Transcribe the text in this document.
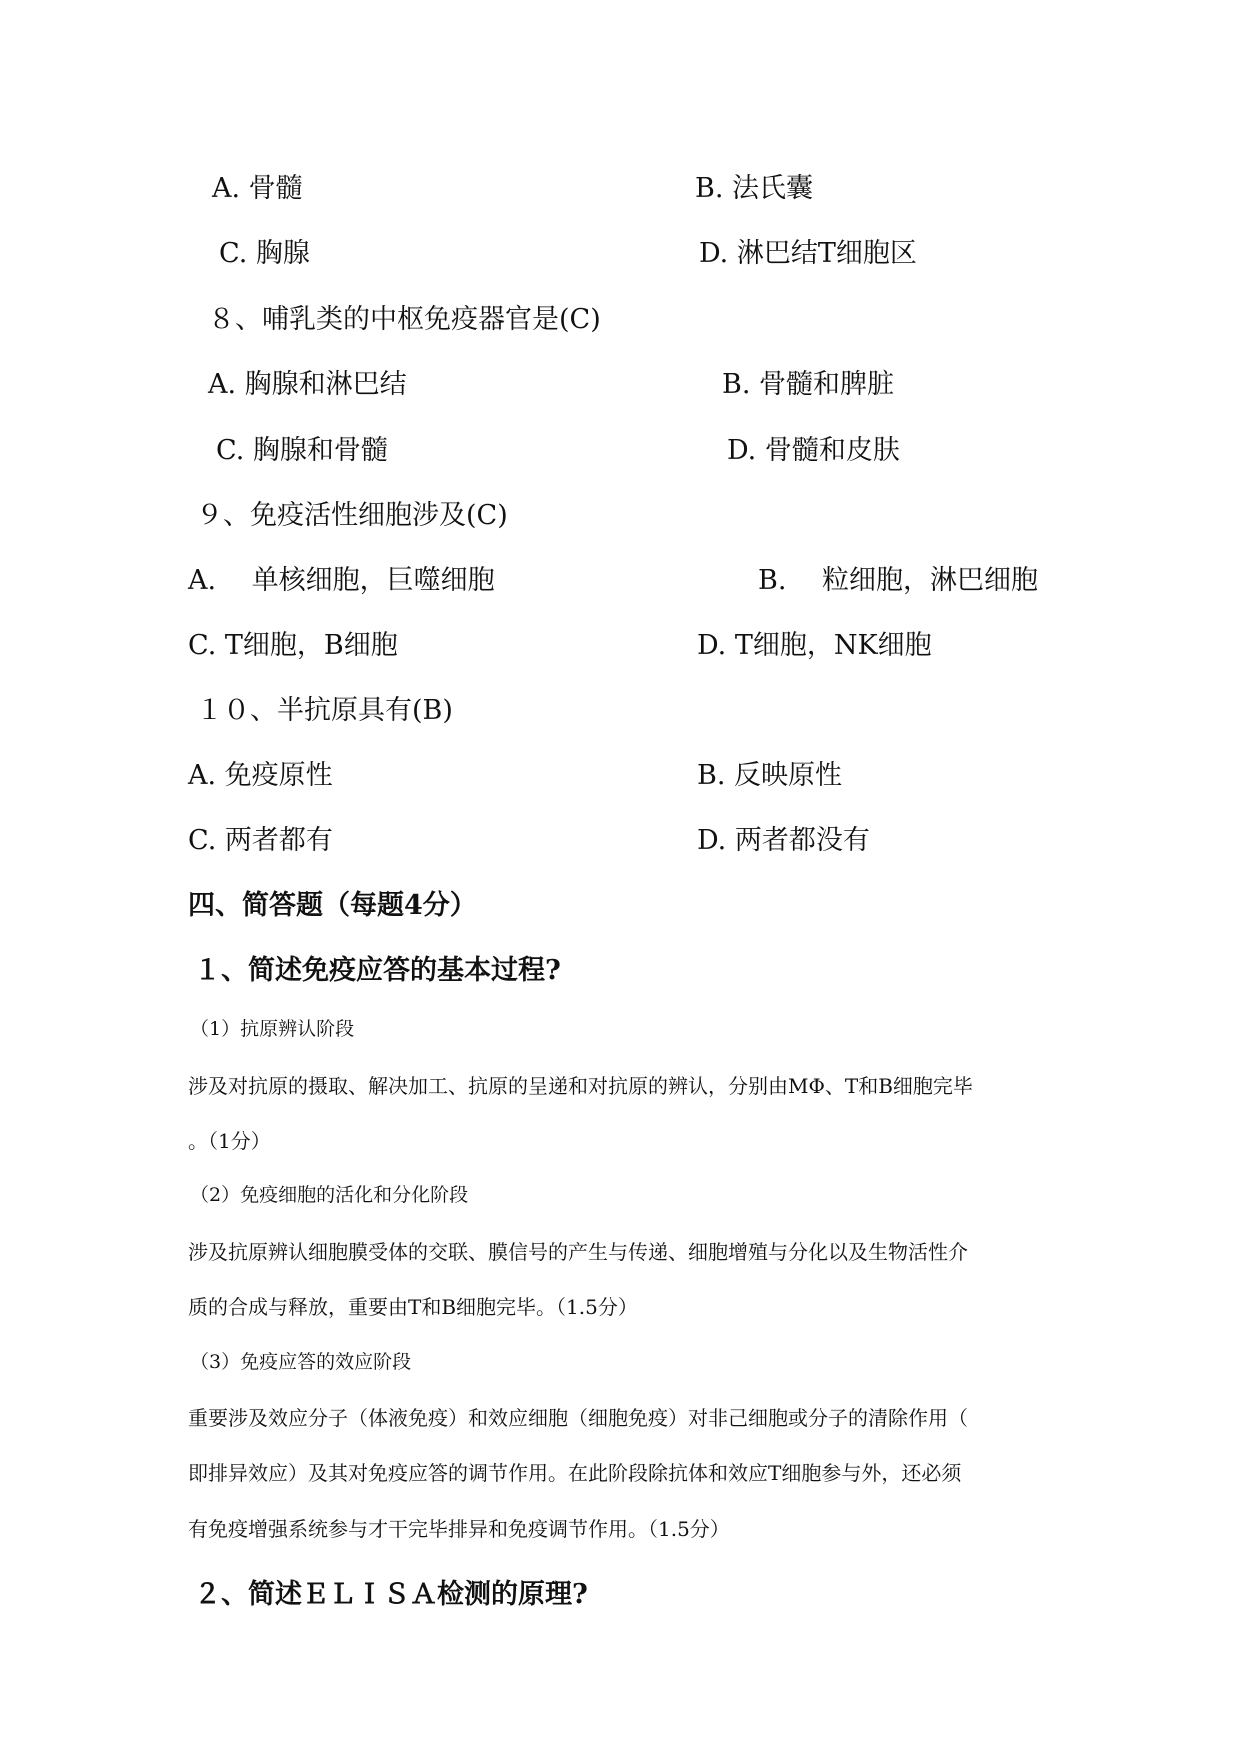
A. 骨髓	B. 法氏囊
C. 胸腺	D. 淋巴结T细胞区
８、哺乳类的中枢免疫器官是(C)
A. 胸腺和淋巴结	B. 骨髓和脾脏
C. 胸腺和骨髓	D. 骨髓和皮肤
９、免疫活性细胞涉及(C)
A.　 单核细胞，巨噬细胞	B.　 粒细胞，淋巴细胞
C. T细胞，B细胞	D. T细胞，NK细胞
１０、半抗原具有(B)
A. 免疫原性	B. 反映原性
C. 两者都有	D. 两者都没有
四、简答题（每题4分）
１、简述免疫应答的基本过程?
（1）抗原辨认阶段
涉及对抗原的摄取、解决加工、抗原的呈递和对抗原的辨认，分别由MΦ、T和B细胞完毕
。（1分）
（2）免疫细胞的活化和分化阶段
涉及抗原辨认细胞膜受体的交联、膜信号的产生与传递、细胞增殖与分化以及生物活性介
质的合成与释放，重要由T和B细胞完毕。（1.5分）
（3）免疫应答的效应阶段
重要涉及效应分子（体液免疫）和效应细胞（细胞免疫）对非己细胞或分子的清除作用（
即排异效应）及其对免疫应答的调节作用。在此阶段除抗体和效应T细胞参与外，还必须
有免疫增强系统参与才干完毕排异和免疫调节作用。（1.5分）
２、简述ＥＬＩＳＡ检测的原理?
